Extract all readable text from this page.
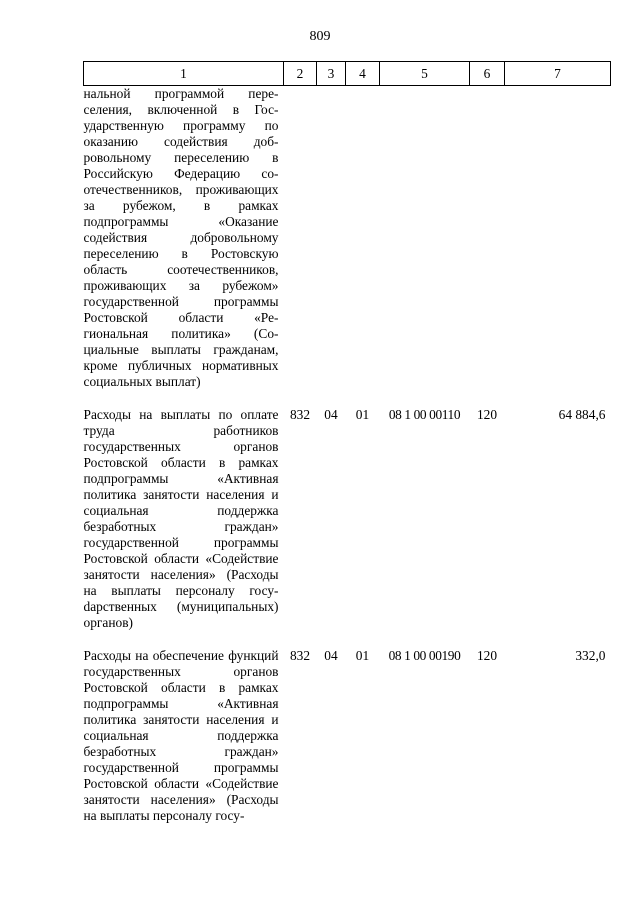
809
1	2	3	4	5	6	7
нальной программой переселения, включенной в Государственную программу по оказанию содействия добровольному переселению в Российскую Федерацию соотечественников, проживающих за рубежом, в рамках подпрограммы «Оказание содействия добровольному переселению в Ростовскую область соотечественников, проживающих за рубежом» государственной программы Ростовской области «Региональная политика» (Социальные выплаты гражданам, кроме публичных нормативных социальных выплат)						

Расходы на выплаты по оплате труда работников государственных органов Ростовской области в рамках подпрограммы «Активная политика занятости населения и социальная поддержка безработных граждан» государственной программы Ростовской области «Содействие занятости населения» (Расходы на выплаты персоналу госуdарственных (муниципальных) органов)	832	04	01	08 1 00 00110	120	64 884,6

Расходы на обеспечение функций государственных органов Ростовской области в рамках подпрограммы «Активная политика занятости населения и социальная поддержка безработных граждан» государственной программы Ростовской области «Содействие занятости населения» (Расходы на выплаты персоналу госу-	832	04	01	08 1 00 00190	120	332,0
